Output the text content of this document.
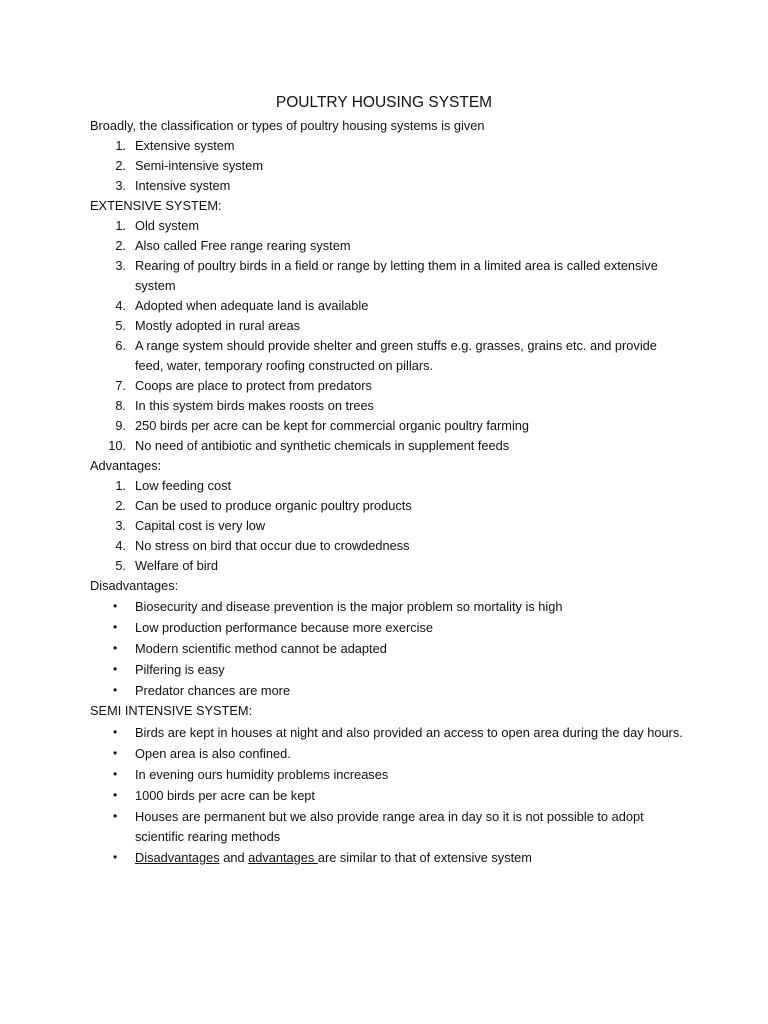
POULTRY HOUSING SYSTEM
Broadly, the classification or types of poultry housing systems is given
1. Extensive system
2. Semi-intensive system
3. Intensive system
EXTENSIVE SYSTEM:
1. Old system
2. Also called Free range rearing system
3. Rearing of poultry birds in a field or range by letting them in a limited area is called extensive system
4. Adopted when adequate land is available
5. Mostly adopted in rural areas
6. A range system should provide shelter and green stuffs e.g. grasses, grains etc. and provide feed, water, temporary roofing constructed on pillars.
7. Coops are place to protect from predators
8. In this system birds makes roosts on trees
9. 250 birds per acre can be kept for commercial organic poultry farming
10. No need of antibiotic and synthetic chemicals in supplement feeds
Advantages:
1. Low feeding cost
2. Can be used to produce organic poultry products
3. Capital cost is very low
4. No stress on bird that occur due to crowdedness
5. Welfare of bird
Disadvantages:
• Biosecurity and disease prevention is the major problem so mortality is high
• Low production performance because more exercise
• Modern scientific method cannot be adapted
• Pilfering is easy
• Predator chances are more
SEMI INTENSIVE SYSTEM:
• Birds are kept in houses at night and also provided an access to open area during the day hours.
• Open area is also confined.
• In evening ours humidity problems increases
• 1000 birds per acre can be kept
• Houses are permanent but we also provide range area in day so it is not possible to adopt scientific rearing methods
• Disadvantages and advantages are similar to that of extensive system
